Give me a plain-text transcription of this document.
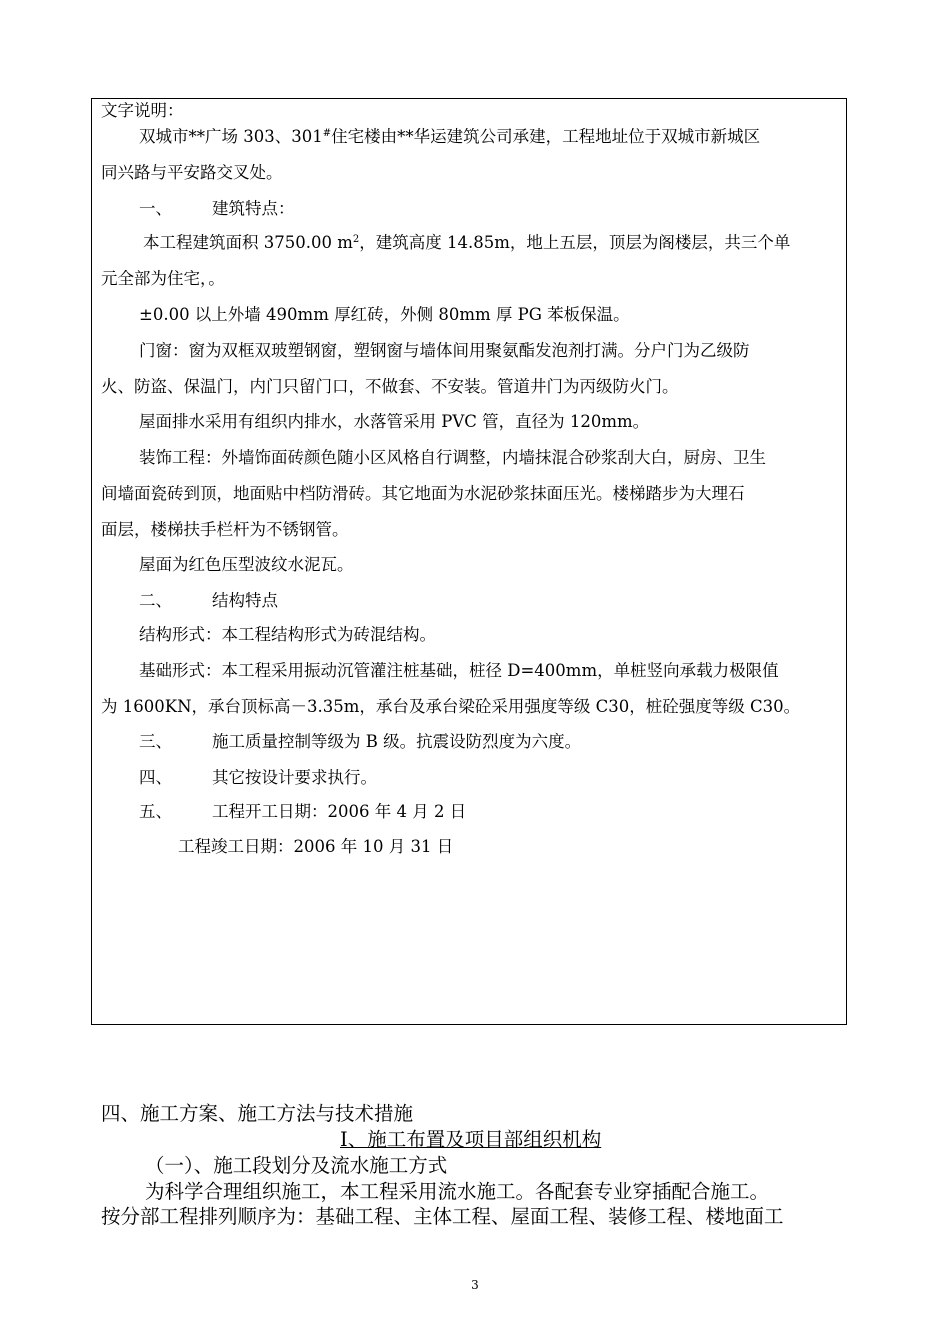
文字说明：
双城市**广场 303、301#住宅楼由**华运建筑公司承建，工程地址位于双城市新城区
同兴路与平安路交叉处。
一、 建筑特点：
本工程建筑面积 3750.00 $m^2$，建筑高度 14.85m，地上五层，顶层为阁楼层，共三个单
元全部为住宅，。
±0.00 以上外墙 490mm 厚红砖，外侧 80mm 厚 PG 苯板保温。
门窗：窗为双框双玻塑钢窗，塑钢窗与墙体间用聚氨酯发泡剂打满。分户门为乙级防
火、防盗、保温门，内门只留门口，不做套、不安装。管道井门为丙级防火门。
屋面排水采用有组织内排水，水落管采用 PVC 管，直径为 120mm。
装饰工程：外墙饰面砖颜色随小区风格自行调整，内墙抹混合砂浆刮大白，厨房、卫生
间墙面瓷砖到顶，地面贴中档防滑砖。其它地面为水泥砂浆抹面压光。楼梯踏步为大理石
面层，楼梯扶手栏杆为不锈钢管。
屋面为红色压型波纹水泥瓦。
二、 结构特点
结构形式：本工程结构形式为砖混结构。
基础形式：本工程采用振动沉管灌注桩基础，桩径 D=400mm，单桩竖向承载力极限值
为 1600KN，承台顶标高－3.35m，承台及承台梁砼采用强度等级 C30，桩砼强度等级 C30。
三、 施工质量控制等级为 B 级。抗震设防烈度为六度。
四、 其它按设计要求执行。
五、 工程开工日期：2006 年 4 月 2 日
工程竣工日期：2006 年 10 月 31 日
四、施工方案、施工方法与技术措施
Ⅰ、施工布置及项目部组织机构
（一）、施工段划分及流水施工方式
为科学合理组织施工，本工程采用流水施工。各配套专业穿插配合施工。
按分部工程排列顺序为：基础工程、主体工程、屋面工程、装修工程、楼地面工
3
